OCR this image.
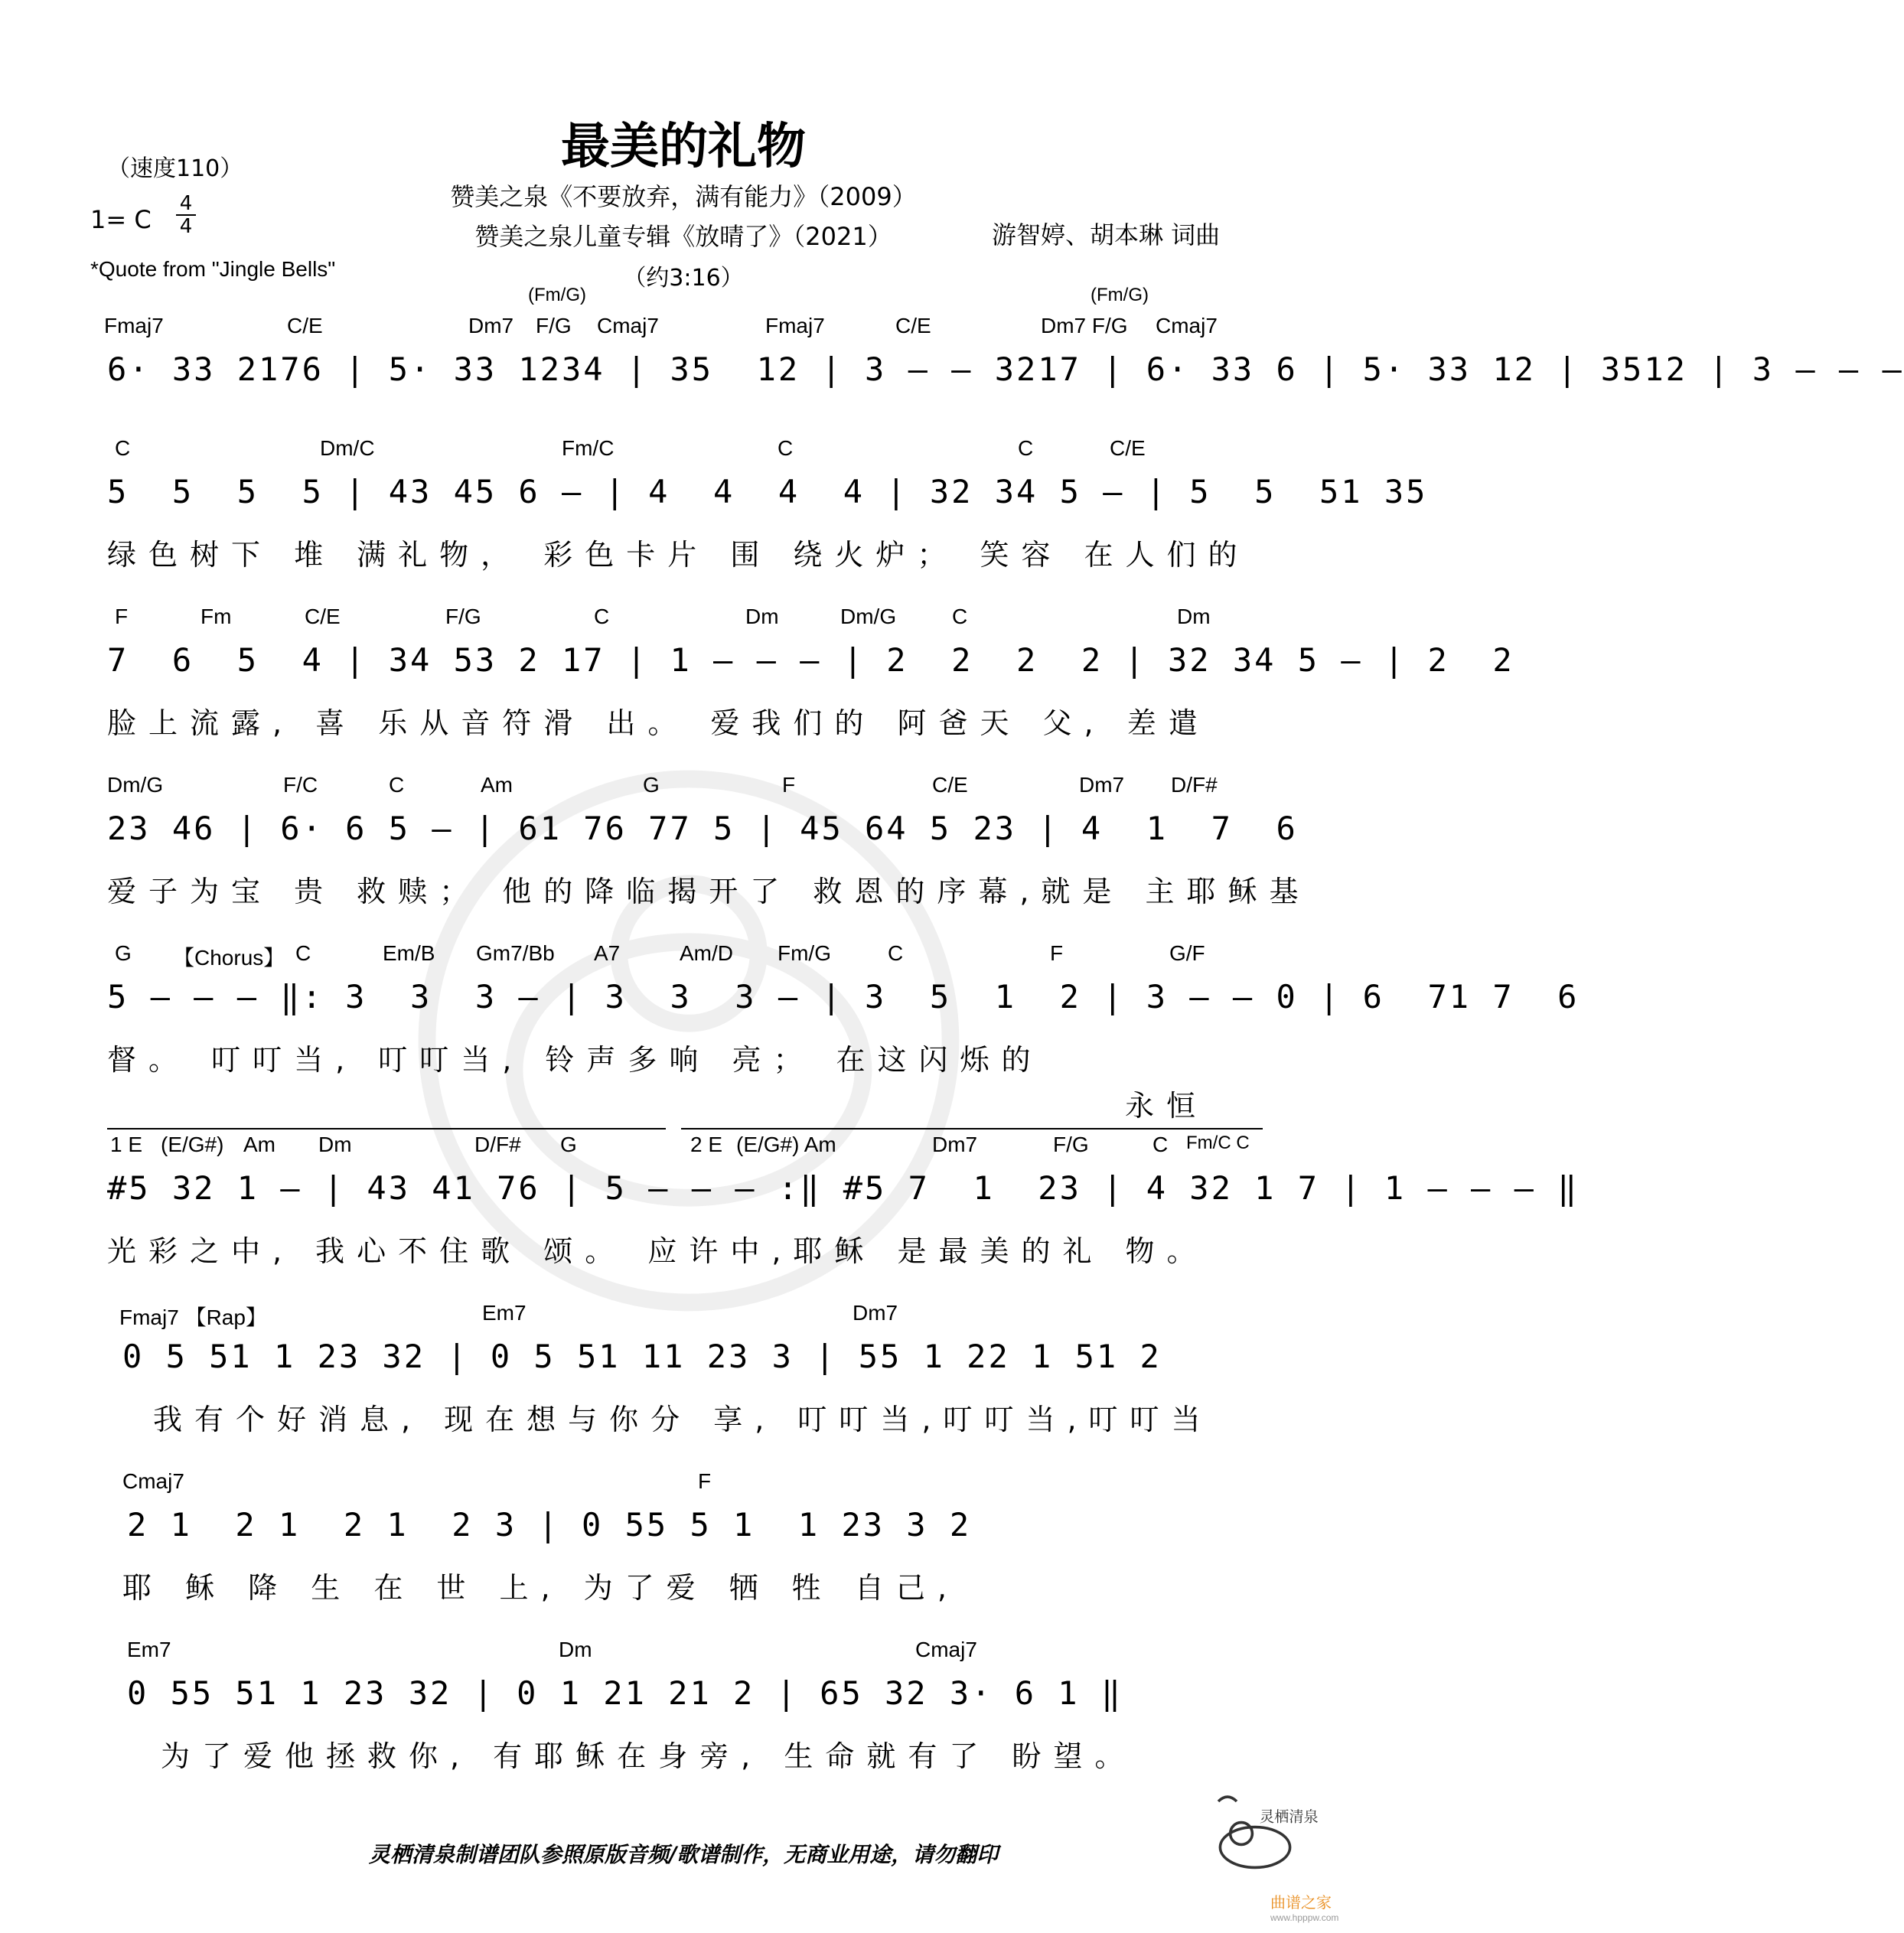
最美的礼物
（速度110）
1= C
4
4
赞美之泉《不要放弃，满有能力》（2009）
赞美之泉儿童专辑《放晴了》（2021）
（约3:16）
游智婷、胡本琳 词曲
*Quote from "Jingle Bells"
(Fm/G)	(Fm/G)
Fmaj7	C/E	Dm7 F/G Cmaj7	Fmaj7	C/E	Dm7 F/G Cmaj7
6· 33 2176 | 5· 33 1234 | 35  12 | 3 — — 3217 | 6· 33 6 | 5· 33 12 | 3512 | 3 — — —
C	Dm/C	Fm/C	C	C	C/E
5  5  5  5 | 43 45 6 — | 4  4  4  4 | 32 34 5 — | 5  5  51 35
绿色树下 堆 满礼物， 彩色卡片 围 绕火炉； 笑容 在人们的
F	Fm	C/E	F/G	C	Dm	Dm/G	C	Dm
7  6  5  4 | 34 53 2 17 | 1 — — — | 2  2  2  2 | 32 34 5 — | 2  2
脸上流露, 喜 乐从音符滑 出。 爱我们的 阿爸天 父, 差遣
Dm/G	F/C	C	Am	G	F	C/E	Dm7 D/F#
23 46 | 6· 6 5 — | 61 76 77 5 | 45 64 5 23 | 4  1  7  6
爱子为宝 贵 救赎； 他的降临揭开了 救恩的序幕,就是 主耶稣基
G 【Chorus】 C	Em/B Gm7/Bb A7	Am/D Fm/G	C	F	G/F
5 — — — ‖: 3  3  3 — | 3  3  3 — | 3  5  1  2 | 3 — — 0 | 6  71 7  6
督。 叮叮当, 叮叮当, 铃声多响 亮； 在这闪烁的
永恒
1 E (E/G#) Am Dm	D/F# G	2 E (E/G#) Am	Dm7	F/G	C Fm/C C
#5 32 1 — | 43 41 76 | 5 — — — :‖ #5 7  1  23 | 4 32 1 7 | 1 — — — ‖
光彩之中, 我心不住歌 颂。 应许中,耶稣 是最美的礼 物。
Fmaj7 【Rap】	Em7	Dm7
0 5 51 1 23 32 | 0 5 51 11 23 3 | 55 1 22 1 51 2
我有个好消息, 现在想与你分 享, 叮叮当,叮叮当,叮叮当
Cmaj7	F
2 1  2 1  2 1  2 3 | 0 55 5 1  1 23 3 2
耶 稣 降 生 在 世 上, 为了爱 牺 牲 自己,
Em7	Dm	Cmaj7
0 55 51 1 23 32 | 0 1 21 21 2 | 65 32 3· 6 1 ‖
为了爱他拯救你, 有耶稣在身旁, 生命就有了 盼望。
灵栖清泉制谱团队参照原版音频/歌谱制作，无商业用途，请勿翻印
灵栖清泉
曲谱之家
www.hpppw.com
